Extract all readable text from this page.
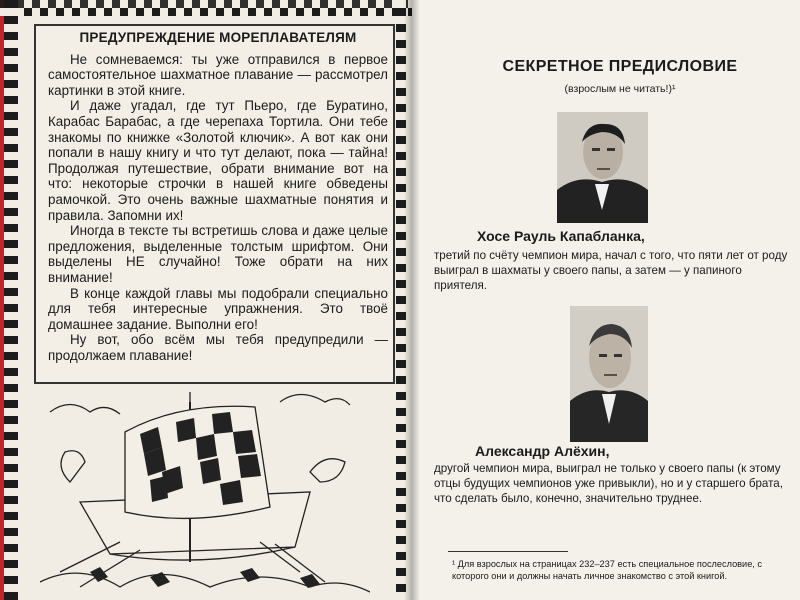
ПРЕДУПРЕЖДЕНИЕ МОРЕПЛАВАТЕЛЯМ

Не сомневаемся: ты уже отправился в первое самостоятельное шахматное плавание — рассмотрел картинки в этой книге.

И даже угадал, где тут Пьеро, где Буратино, Карабас Барабас, а где черепаха Тортила. Они тебе знакомы по книжке «Золотой ключик». А вот как они попали в нашу книгу и что тут делают, пока — тайна! Продолжая путешествие, обрати внимание вот на что: некоторые строчки в нашей книге обведены рамочкой. Это очень важные шахматные понятия и правила. Запомни их!

Иногда в тексте ты встретишь слова и даже целые предложения, выделенные толстым шрифтом. Они выделены НЕ случайно! Тоже обрати на них внимание!

В конце каждой главы мы подобрали специально для тебя интересные упражнения. Это твоё домашнее задание. Выполни его!

Ну вот, обо всём мы тебя предупредили — продолжаем плавание!

СЕКРЕТНОЕ ПРЕДИСЛОВИЕ
(взрослым не читать!)¹
Хосе Рауль Капабланка,
третий по счёту чемпион мира, начал с того, что пяти лет от роду выиграл в шахматы у своего папы, а затем — у папиного приятеля.
Александр Алёхин,
другой чемпион мира, выиграл не только у своего папы (к этому отцы будущих чемпионов уже привыкли), но и у старшего брата, что сделать было, конечно, значительно труднее.
¹ Для взрослых на страницах 232–237 есть специальное послесловие, с которого они и должны начать личное знакомство с этой книгой.
